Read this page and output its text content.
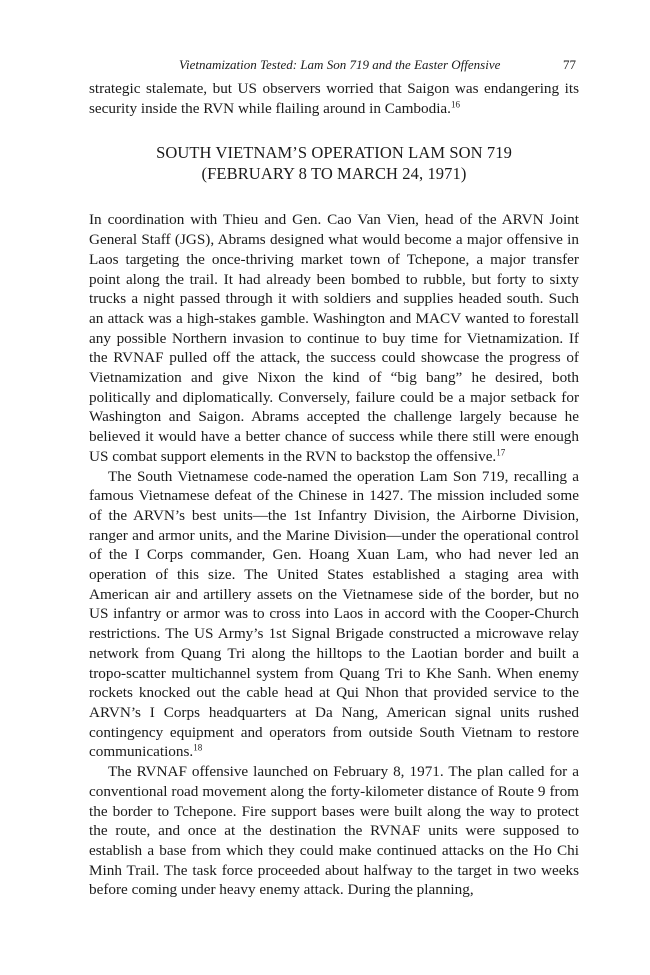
Vietnamization Tested: Lam Son 719 and the Easter Offensive	77

strategic stalemate, but US observers worried that Saigon was endangering its security inside the RVN while flailing around in Cambodia.$^{16}$

SOUTH VIETNAM’S OPERATION LAM SON 719
(FEBRUARY 8 TO MARCH 24, 1971)

In coordination with Thieu and Gen. Cao Van Vien, head of the ARVN Joint General Staff (JGS), Abrams designed what would become a major offensive in Laos targeting the once-thriving market town of Tchepone, a major transfer point along the trail. It had already been bombed to rubble, but forty to sixty trucks a night passed through it with soldiers and supplies headed south. Such an attack was a high-stakes gamble. Washington and MACV wanted to forestall any possible Northern invasion to continue to buy time for Vietnamization. If the RVNAF pulled off the attack, the success could showcase the progress of Vietnamization and give Nixon the kind of “big bang” he desired, both politically and diplomatically. Conversely, failure could be a major setback for Washington and Saigon. Abrams accepted the challenge largely because he believed it would have a better chance of success while there still were enough US combat support elements in the RVN to backstop the offensive.$^{17}$

The South Vietnamese code-named the operation Lam Son 719, recalling a famous Vietnamese defeat of the Chinese in 1427. The mission included some of the ARVN’s best units—the 1st Infantry Division, the Airborne Division, ranger and armor units, and the Marine Division—under the operational control of the I Corps commander, Gen. Hoang Xuan Lam, who had never led an operation of this size. The United States established a staging area with American air and artillery assets on the Vietnamese side of the border, but no US infantry or armor was to cross into Laos in accord with the Cooper-Church restrictions. The US Army’s 1st Signal Brigade constructed a microwave relay network from Quang Tri along the hilltops to the Laotian border and built a tropo-scatter multichannel system from Quang Tri to Khe Sanh. When enemy rockets knocked out the cable head at Qui Nhon that provided service to the ARVN’s I Corps headquarters at Da Nang, American signal units rushed contingency equipment and operators from outside South Vietnam to restore communications.$^{18}$

The RVNAF offensive launched on February 8, 1971. The plan called for a conventional road movement along the forty-kilometer distance of Route 9 from the border to Tchepone. Fire support bases were built along the way to protect the route, and once at the destination the RVNAF units were supposed to establish a base from which they could make continued attacks on the Ho Chi Minh Trail. The task force proceeded about halfway to the target in two weeks before coming under heavy enemy attack. During the planning,
